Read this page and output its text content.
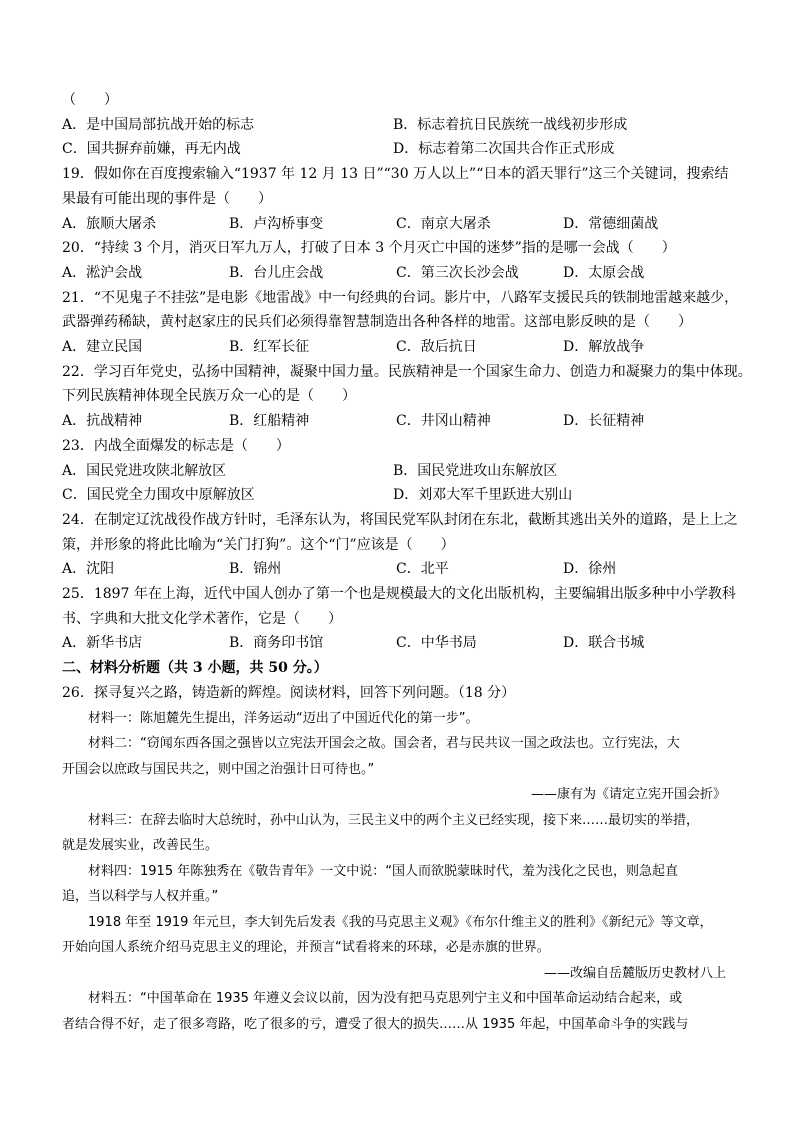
（　　）
A．是中国局部抗战开始的标志	B．标志着抗日民族统一战线初步形成
C．国共摒弃前嫌，再无内战	D．标志着第二次国共合作正式形成
19．假如你在百度搜索输入“1937 年 12 月 13 日”“30 万人以上”“日本的滔天罪行”这三个关键词，搜索结
果最有可能出现的事件是（　　）
A．旅顺大屠杀	B．卢沟桥事变	C．南京大屠杀	D．常德细菌战
20．“持续 3 个月，消灭日军九万人，打破了日本 3 个月灭亡中国的迷梦”指的是哪一会战（　　）
A．淞沪会战	B．台儿庄会战	C．第三次长沙会战	D．太原会战
21．“不见鬼子不挂弦”是电影《地雷战》中一句经典的台词。影片中，八路军支援民兵的铁制地雷越来越少，
武器弹药稀缺，黄村赵家庄的民兵们必须得靠智慧制造出各种各样的地雷。这部电影反映的是（　　）
A．建立民国	B．红军长征	C．敌后抗日	D．解放战争
22．学习百年党史，弘扬中国精神，凝聚中国力量。民族精神是一个国家生命力、创造力和凝聚力的集中体现。
下列民族精神体现全民族万众一心的是（　　）
A．抗战精神	B．红船精神	C．井冈山精神	D．长征精神
23．内战全面爆发的标志是（　　）
A．国民党进攻陕北解放区	B．国民党进攻山东解放区
C．国民党全力围攻中原解放区	D．刘邓大军千里跃进大别山
24．在制定辽沈战役作战方针时，毛泽东认为，将国民党军队封闭在东北，截断其逃出关外的道路，是上上之
策，并形象的将此比喻为“关门打狗”。这个“门”应该是（　　）
A．沈阳	B．锦州	C．北平	D．徐州
25．1897 年在上海，近代中国人创办了第一个也是规模最大的文化出版机构，主要编辑出版多种中小学教科
书、字典和大批文化学术著作，它是（　　）
A．新华书店	B．商务印书馆	C．中华书局	D．联合书城
二、材料分析题（共 3 小题，共 50 分。）
26．探寻复兴之路，铸造新的辉煌。阅读材料，回答下列问题。（18 分）
材料一：陈旭麓先生提出，洋务运动“迈出了中国近代化的第一步”。
材料二：“窃闻东西各国之强皆以立宪法开国会之故。国会者，君与民共议一国之政法也。立行宪法，大
开国会以庶政与国民共之，则中国之治强计日可待也。”
——康有为《请定立宪开国会折》
材料三：在辞去临时大总统时，孙中山认为，三民主义中的两个主义已经实现，接下来……最切实的举措，
就是发展实业，改善民生。
材料四：1915 年陈独秀在《敬告青年》一文中说：“国人而欲脱蒙昧时代，羞为浅化之民也，则急起直
追，当以科学与人权并重。”
1918 年至 1919 年元旦，李大钊先后发表《我的马克思主义观》《布尔什维主义的胜利》《新纪元》等文章，
开始向国人系统介绍马克思主义的理论，并预言“试看将来的环球，必是赤旗的世界。
——改编自岳麓版历史教材八上
材料五：“中国革命在 1935 年遵义会议以前，因为没有把马克思列宁主义和中国革命运动结合起来，或
者结合得不好，走了很多弯路，吃了很多的亏，遭受了很大的损失……从 1935 年起，中国革命斗争的实践与
